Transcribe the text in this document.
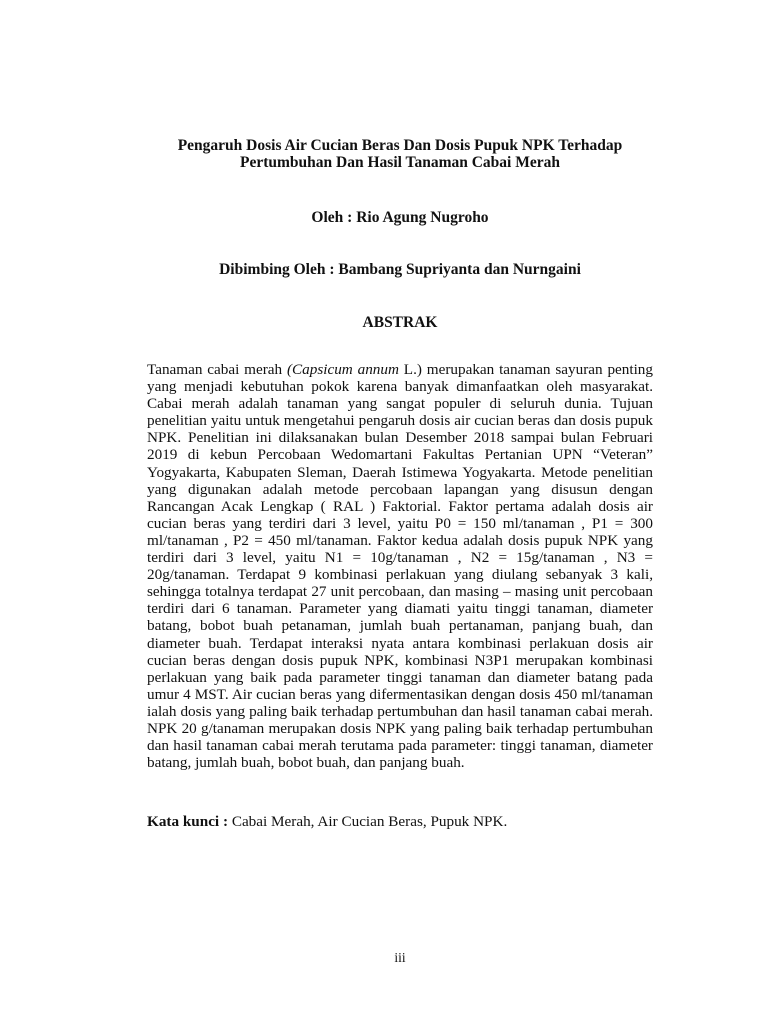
Pengaruh Dosis Air Cucian Beras Dan Dosis Pupuk NPK Terhadap
Pertumbuhan Dan Hasil Tanaman Cabai Merah
Oleh : Rio Agung Nugroho
Dibimbing Oleh : Bambang Supriyanta dan Nurngaini
ABSTRAK

Tanaman cabai merah (Capsicum annum L.) merupakan tanaman sayuran penting yang menjadi kebutuhan pokok karena banyak dimanfaatkan oleh masyarakat. Cabai merah adalah tanaman yang sangat populer di seluruh dunia. Tujuan penelitian yaitu untuk mengetahui pengaruh dosis air cucian beras dan dosis pupuk NPK. Penelitian ini dilaksanakan bulan Desember 2018 sampai bulan Februari 2019 di kebun Percobaan Wedomartani Fakultas Pertanian UPN “Veteran” Yogyakarta, Kabupaten Sleman, Daerah Istimewa Yogyakarta. Metode penelitian yang digunakan adalah metode percobaan lapangan yang disusun dengan Rancangan Acak Lengkap ( RAL ) Faktorial. Faktor pertama adalah dosis air cucian beras yang terdiri dari 3 level, yaitu P0 = 150 ml/tanaman , P1 = 300 ml/tanaman , P2 = 450 ml/tanaman. Faktor kedua adalah dosis pupuk NPK yang terdiri dari 3 level, yaitu N1 = 10g/tanaman , N2 = 15g/tanaman , N3 = 20g/tanaman. Terdapat 9 kombinasi perlakuan yang diulang sebanyak 3 kali, sehingga totalnya terdapat 27 unit percobaan, dan masing – masing unit percobaan terdiri dari 6 tanaman. Parameter yang diamati yaitu tinggi tanaman, diameter batang, bobot buah petanaman, jumlah buah pertanaman, panjang buah, dan diameter buah. Terdapat interaksi nyata antara kombinasi perlakuan dosis air cucian beras dengan dosis pupuk NPK, kombinasi N3P1 merupakan kombinasi perlakuan yang baik pada parameter tinggi tanaman dan diameter batang pada umur 4 MST. Air cucian beras yang difermentasikan dengan dosis 450 ml/tanaman ialah dosis yang paling baik terhadap pertumbuhan dan hasil tanaman cabai merah. NPK 20 g/tanaman merupakan dosis NPK yang paling baik terhadap pertumbuhan dan hasil tanaman cabai merah terutama pada parameter: tinggi tanaman, diameter batang, jumlah buah, bobot buah, dan panjang buah.

Kata kunci : Cabai Merah, Air Cucian Beras, Pupuk NPK.

iii
